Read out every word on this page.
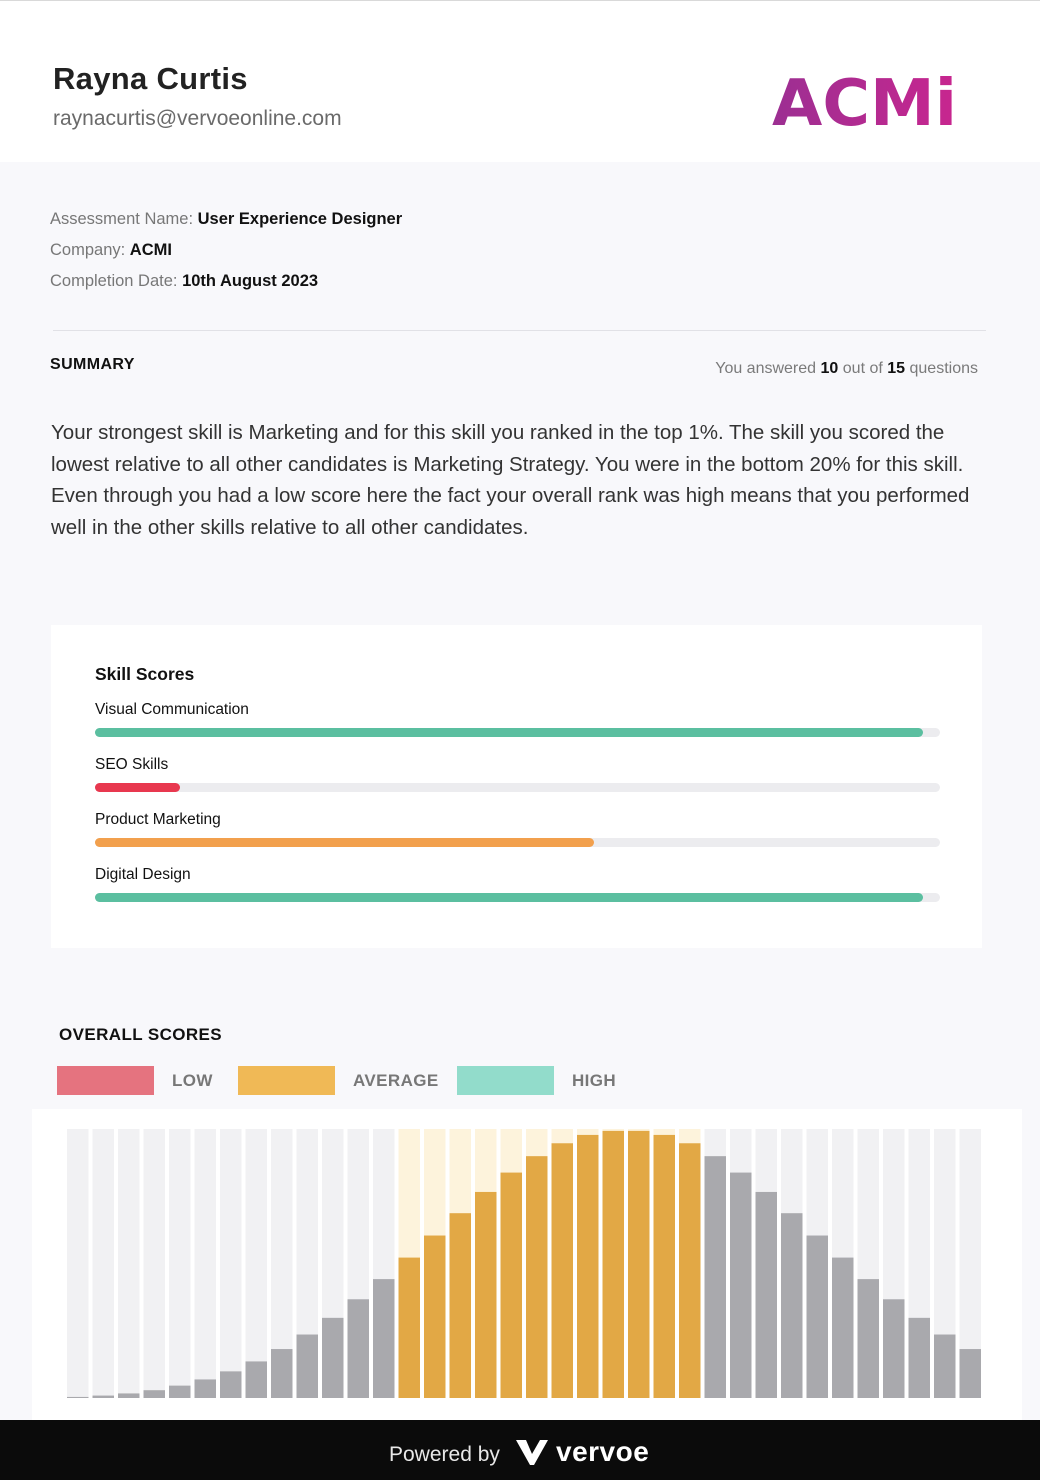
Rayna Curtis
raynacurtis@vervoeonline.com	ACMi
Assessment Name: User Experience Designer
Company: ACMI
Completion Date: 10th August 2023
SUMMARY	You answered 10 out of 15 questions
Your strongest skill is Marketing and for this skill you ranked in the top 1%. The skill you scored the lowest relative to all other candidates is Marketing Strategy. You were in the bottom 20% for this skill. Even through you had a low score here the fact your overall rank was high means that you performed well in the other skills relative to all other candidates.
Skill Scores
Visual Communication
SEO Skills
Product Marketing
Digital Design
OVERALL SCORES
LOW	AVERAGE	HIGH
Powered by vervoe
